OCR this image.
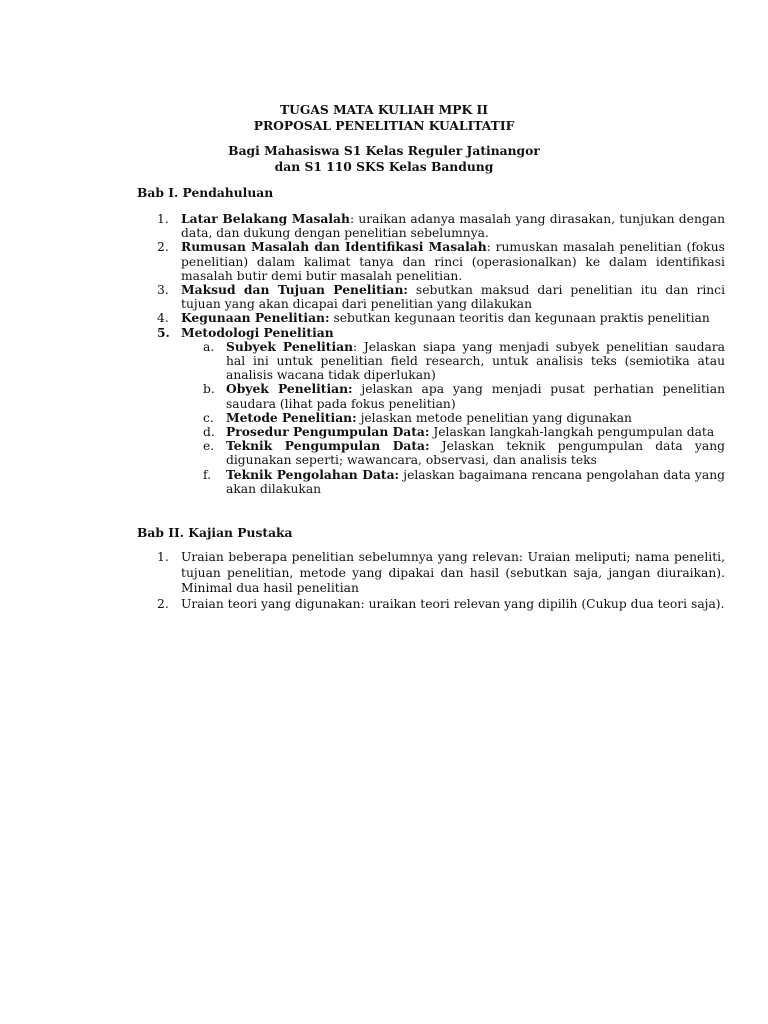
TUGAS MATA KULIAH MPK II
PROPOSAL PENELITIAN KUALITATIF
Bagi Mahasiswa S1 Kelas Reguler Jatinangor
dan S1 110 SKS Kelas Bandung
Bab I. Pendahuluan
1. Latar Belakang Masalah: uraikan adanya masalah yang dirasakan, tunjukan dengan data, dan dukung dengan penelitian sebelumnya.
2. Rumusan Masalah dan Identifikasi Masalah: rumuskan masalah penelitian (fokus penelitian) dalam kalimat tanya dan rinci (operasionalkan) ke dalam identifikasi masalah butir demi butir masalah penelitian.
3. Maksud dan Tujuan Penelitian: sebutkan maksud dari penelitian itu dan rinci tujuan yang akan dicapai dari penelitian yang dilakukan
4. Kegunaan Penelitian: sebutkan kegunaan teoritis dan kegunaan praktis penelitian
5. Metodologi Penelitian
a. Subyek Penelitian: Jelaskan siapa yang menjadi subyek penelitian saudara hal ini untuk penelitian field research, untuk analisis teks (semiotika atau analisis wacana tidak diperlukan)
b. Obyek Penelitian: jelaskan apa yang menjadi pusat perhatian penelitian saudara (lihat pada fokus penelitian)
c. Metode Penelitian: jelaskan metode penelitian yang digunakan
d. Prosedur Pengumpulan Data: Jelaskan langkah-langkah pengumpulan data
e. Teknik Pengumpulan Data: Jelaskan teknik pengumpulan data yang digunakan seperti; wawancara, observasi, dan analisis teks
f. Teknik Pengolahan Data: jelaskan bagaimana rencana pengolahan data yang akan dilakukan
Bab II. Kajian Pustaka
1. Uraian beberapa penelitian sebelumnya yang relevan: Uraian meliputi; nama peneliti, tujuan penelitian, metode yang dipakai dan hasil (sebutkan saja, jangan diuraikan). Minimal dua hasil penelitian
2. Uraian teori yang digunakan: uraikan teori relevan yang dipilih (Cukup dua teori saja).
